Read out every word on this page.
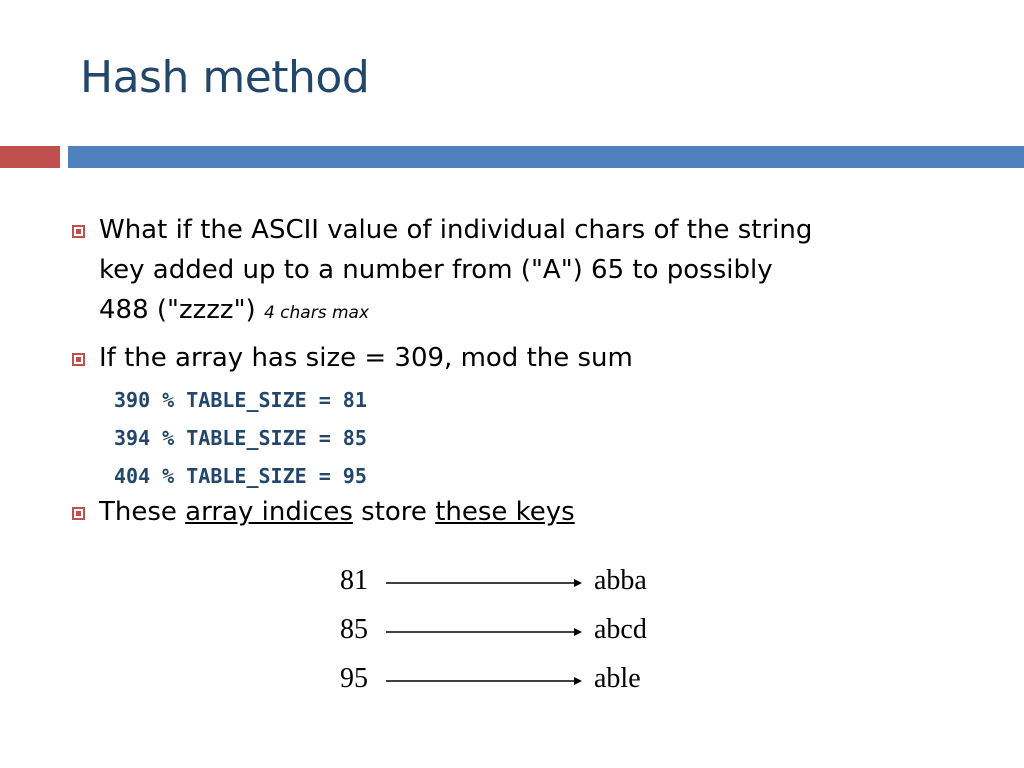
Hash method
What if the ASCII value of individual chars of the string
key added up to a number from ("A") 65 to possibly
488 ("zzzz") 4 chars max
If the array has size = 309, mod the sum
390 % TABLE_SIZE = 81
394 % TABLE_SIZE = 85
404 % TABLE_SIZE = 95
These array indices store these keys
81	abba
85	abcd
95	able
